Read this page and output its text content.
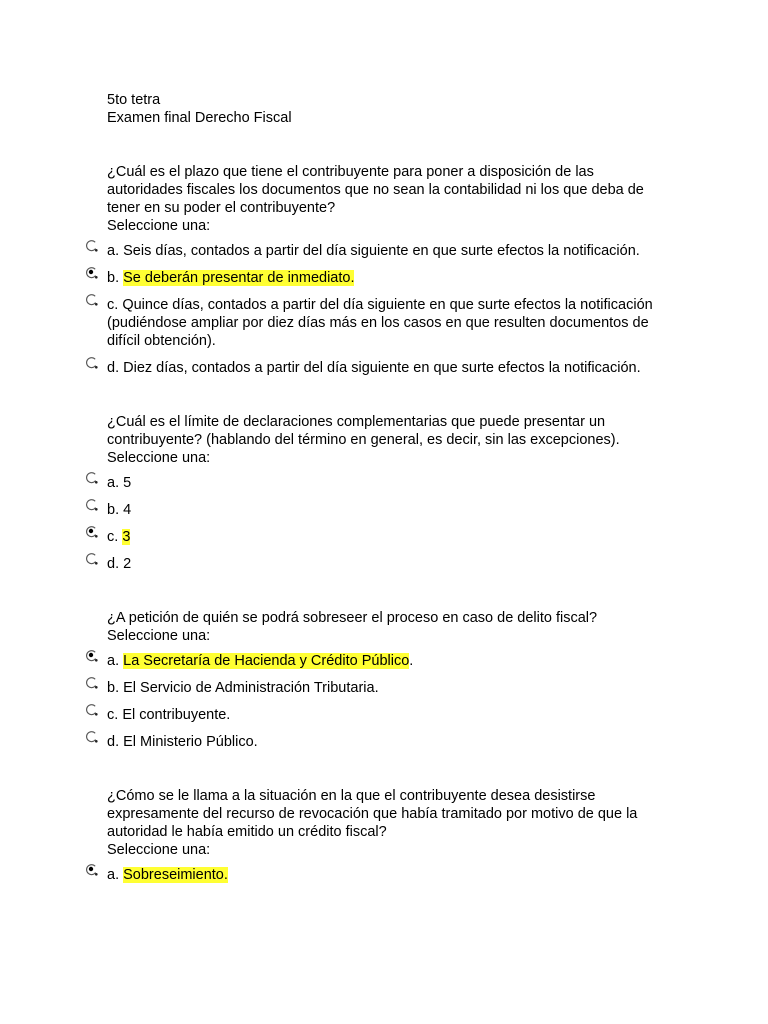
5to tetra
Examen final Derecho Fiscal
¿Cuál es el plazo que tiene el contribuyente para poner a disposición de las autoridades fiscales los documentos que no sean la contabilidad ni los que deba de tener en su poder el contribuyente?
Seleccione una:
a. Seis días, contados a partir del día siguiente en que surte efectos la notificación.
b. Se deberán presentar de inmediato.
c. Quince días, contados a partir del día siguiente en que surte efectos la notificación (pudiéndose ampliar por diez días más en los casos en que resulten documentos de difícil obtención).
d. Diez días, contados a partir del día siguiente en que surte efectos la notificación.
¿Cuál es el límite de declaraciones complementarias que puede presentar un contribuyente? (hablando del término en general, es decir, sin las excepciones).
Seleccione una:
a. 5
b. 4
c. 3
d. 2
¿A petición de quién se podrá sobreseer el proceso en caso de delito fiscal?
Seleccione una:
a. La Secretaría de Hacienda y Crédito Público.
b. El Servicio de Administración Tributaria.
c. El contribuyente.
d. El Ministerio Público.
¿Cómo se le llama a la situación en la que el contribuyente desea desistirse expresamente del recurso de revocación que había tramitado por motivo de que la autoridad le había emitido un crédito fiscal?
Seleccione una:
a. Sobreseimiento.
